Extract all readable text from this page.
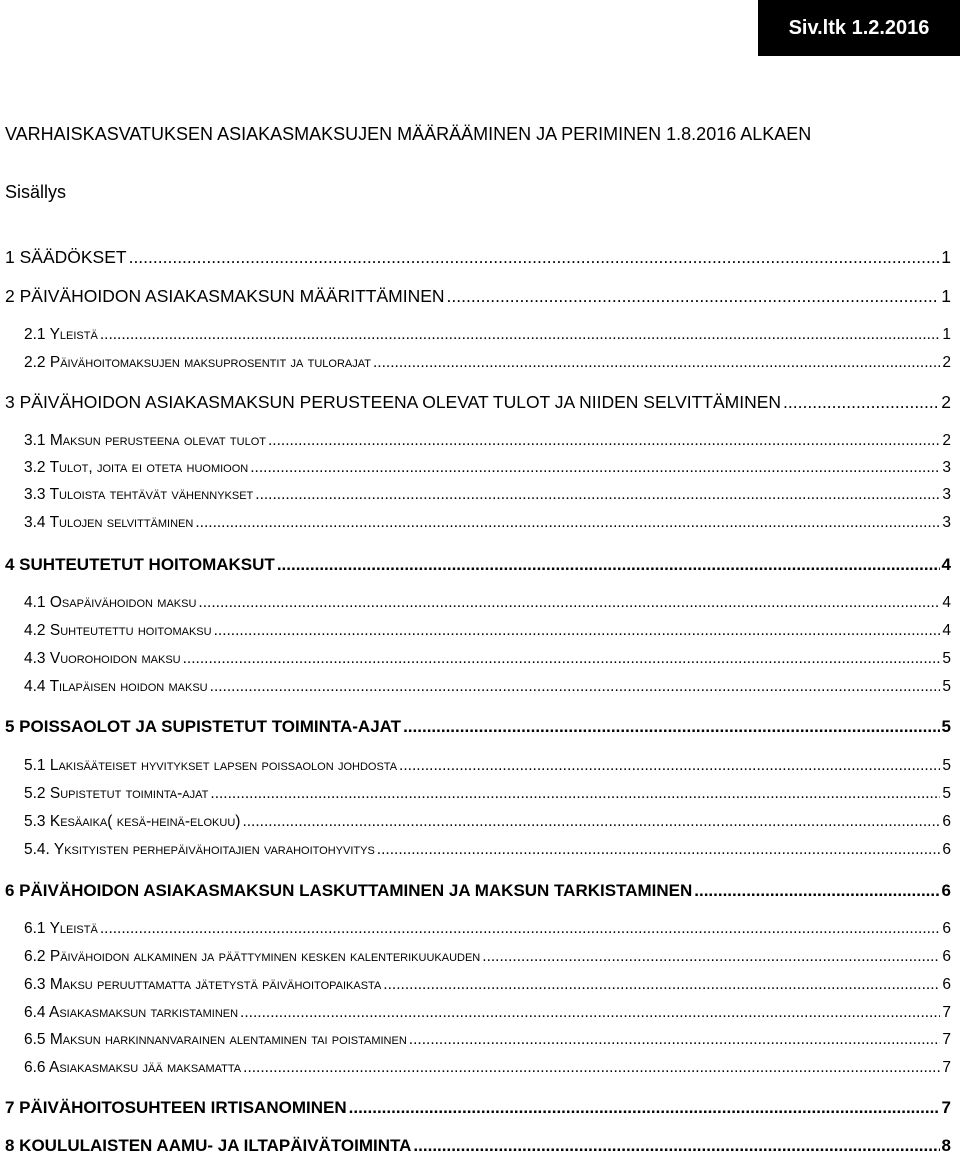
Siv.ltk 1.2.2016
VARHAISKASVATUKSEN ASIAKASMAKSUJEN MÄÄRÄÄMINEN JA PERIMINEN 1.8.2016 ALKAEN
Sisällys
1 SÄÄDÖKSET .....	1
2 PÄIVÄHOIDON ASIAKASMAKSUN MÄÄRITTÄMINEN .....	1
2.1 Yleistä .....	1
2.2 Päivähoitomaksujen maksuprosentit ja tulorajat .....	2
3 PÄIVÄHOIDON ASIAKASMAKSUN PERUSTEENA OLEVAT TULOT JA NIIDEN SELVITTÄMINEN .....	2
3.1 Maksun perusteena olevat tulot .....	2
3.2 Tulot, joita ei oteta huomioon .....	3
3.3 Tuloista tehtävät vähennykset .....	3
3.4 Tulojen selvittäminen .....	3
4 SUHTEUTETUT HOITOMAKSUT .....	4
4.1 Osapäivähoidon maksu .....	4
4.2 Suhteutettu hoitomaksu .....	4
4.3 Vuorohoidon maksu .....	5
4.4 Tilapäisen hoidon maksu .....	5
5 POISSAOLOT JA SUPISTETUT TOIMINTA-AJAT .....	5
5.1 Lakisääteiset hyvitykset lapsen poissaolon johdosta .....	5
5.2 Supistetut toiminta-ajat .....	5
5.3 Kesäaika( kesä-heinä-elokuu) .....	6
5.4. Yksityisten perhepäivähoitajien varahoitohyvitys .....	6
6 PÄIVÄHOIDON ASIAKASMAKSUN LASKUTTAMINEN JA MAKSUN TARKISTAMINEN .....	6
6.1 Yleistä .....	6
6.2 Päivähoidon alkaminen ja päättyminen kesken kalenterikuukauden .....	6
6.3 Maksu peruuttamatta jätetystä päivähoitopaikasta .....	6
6.4 Asiakasmaksun tarkistaminen .....	7
6.5 Maksun harkinnanvarainen alentaminen tai poistaminen .....	7
6.6 Asiakasmaksu jää maksamatta .....	7
7 PÄIVÄHOITOSUHTEEN IRTISANOMINEN .....	7
8 KOULULAISTEN AAMU- JA ILTAPÄIVÄTOIMINTA .....	8
